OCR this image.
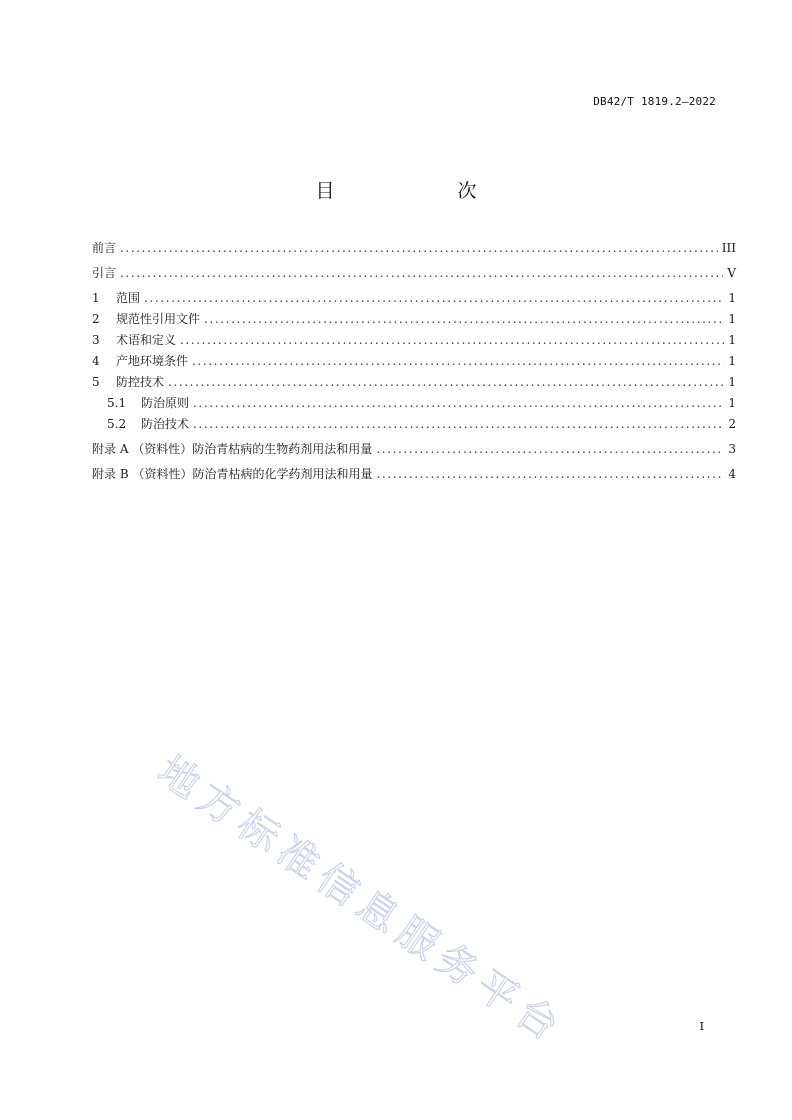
DB42/T 1819.2—2022
目　次
前言 .....	III
引言 .....	V
1	范围 .....	1
2	规范性引用文件 .....	1
3	术语和定义 .....	1
4	产地环境条件 .....	1
5	防控技术 .....	1
5.1	防治原则 .....	1
5.2	防治技术 .....	2
附录 A （资料性）防治青枯病的生物药剂用法和用量 .....	3
附录 B （资料性）防治青枯病的化学药剂用法和用量 .....	4
地方标准信息服务平台	I
